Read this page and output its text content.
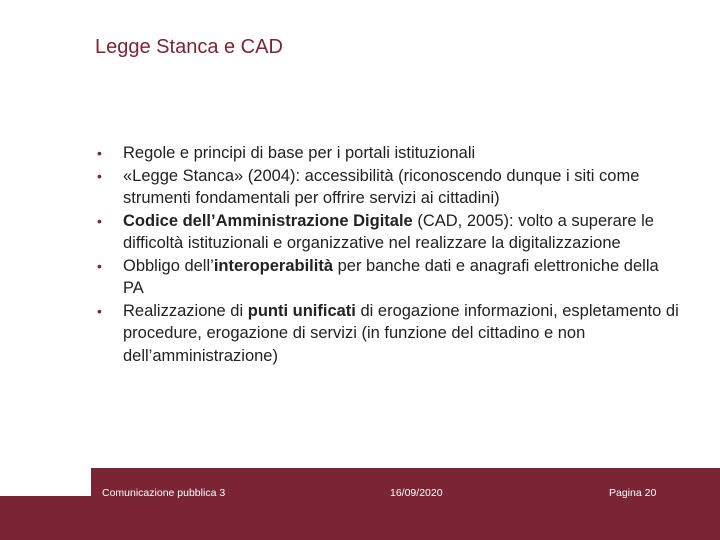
Legge Stanca e CAD
• Regole e principi di base per i portali istituzionali
• «Legge Stanca» (2004): accessibilità (riconoscendo dunque i siti come strumenti fondamentali per offrire servizi ai cittadini)
• Codice dell’Amministrazione Digitale (CAD, 2005): volto a superare le difficoltà istituzionali e organizzative nel realizzare la digitalizzazione
• Obbligo dell’interoperabilità per banche dati e anagrafi elettroniche della PA
• Realizzazione di punti unificati di erogazione informazioni, espletamento di procedure, erogazione di servizi (in funzione del cittadino e non dell’amministrazione)
Comunicazione pubblica 3	16/09/2020	Pagina 20
